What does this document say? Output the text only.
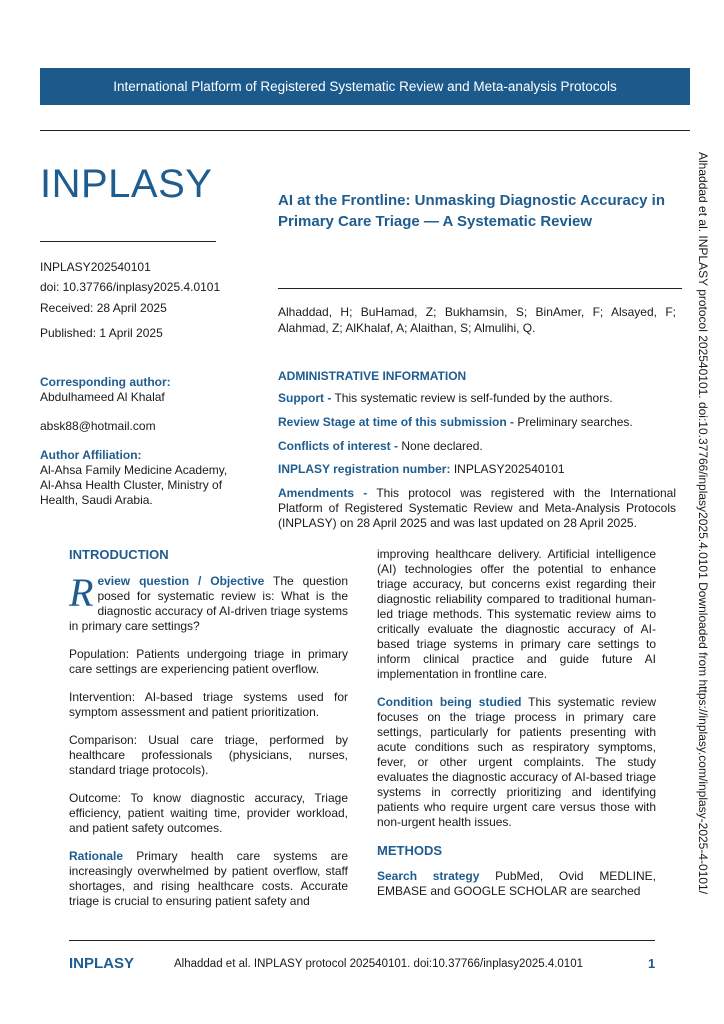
International Platform of Registered Systematic Review and Meta-analysis Protocols
INPLASY	AI at the Frontline: Unmasking Diagnostic Accuracy in Primary Care Triage — A Systematic Review
INPLASY202540101
doi: 10.37766/inplasy2025.4.0101
Received: 28 April 2025
Published: 1 April 2025
Corresponding author:
Abdulhameed Al Khalaf
absk88@hotmail.com
Author Affiliation:
Al-Ahsa Family Medicine Academy, Al-Ahsa Health Cluster, Ministry of Health, Saudi Arabia.
Alhaddad, H; BuHamad, Z; Bukhamsin, S; BinAmer, F; Alsayed, F; Alahmad, Z; AlKhalaf, A; Alaithan, S; Almulihi, Q.
ADMINISTRATIVE INFORMATION
Support - This systematic review is self-funded by the authors.
Review Stage at time of this submission - Preliminary searches.
Conflicts of interest - None declared.
INPLASY registration number: INPLASY202540101
Amendments - This protocol was registered with the International Platform of Registered Systematic Review and Meta-Analysis Protocols (INPLASY) on 28 April 2025 and was last updated on 28 April 2025.
INTRODUCTION

Review question / Objective The question posed for systematic review is: What is the diagnostic accuracy of AI-driven triage systems in primary care settings?

Population: Patients undergoing triage in primary care settings are experiencing patient overflow.

Intervention: AI-based triage systems used for symptom assessment and patient prioritization.

Comparison: Usual care triage, performed by healthcare professionals (physicians, nurses, standard triage protocols).

Outcome: To know diagnostic accuracy, Triage efficiency, patient waiting time, provider workload, and patient safety outcomes.

Rationale Primary health care systems are increasingly overwhelmed by patient overflow, staff shortages, and rising healthcare costs. Accurate triage is crucial to ensuring patient safety and

improving healthcare delivery. Artificial intelligence (AI) technologies offer the potential to enhance triage accuracy, but concerns exist regarding their diagnostic reliability compared to traditional human-led triage methods. This systematic review aims to critically evaluate the diagnostic accuracy of AI-based triage systems in primary care settings to inform clinical practice and guide future AI implementation in frontline care.

Condition being studied This systematic review focuses on the triage process in primary care settings, particularly for patients presenting with acute conditions such as respiratory symptoms, fever, or other urgent complaints. The study evaluates the diagnostic accuracy of AI-based triage systems in correctly prioritizing and identifying patients who require urgent care versus those with non-urgent health issues.

METHODS

Search strategy PubMed, Ovid MEDLINE, EMBASE and GOOGLE SCHOLAR are searched	Alhaddad et al. INPLASY protocol 202540101. doi:10.37766/inplasy2025.4.0101 Downloaded from https://inplasy.com/inplasy-2025-4-0101/
INPLASY	Alhaddad et al. INPLASY protocol 202540101. doi:10.37766/inplasy2025.4.0101	1
